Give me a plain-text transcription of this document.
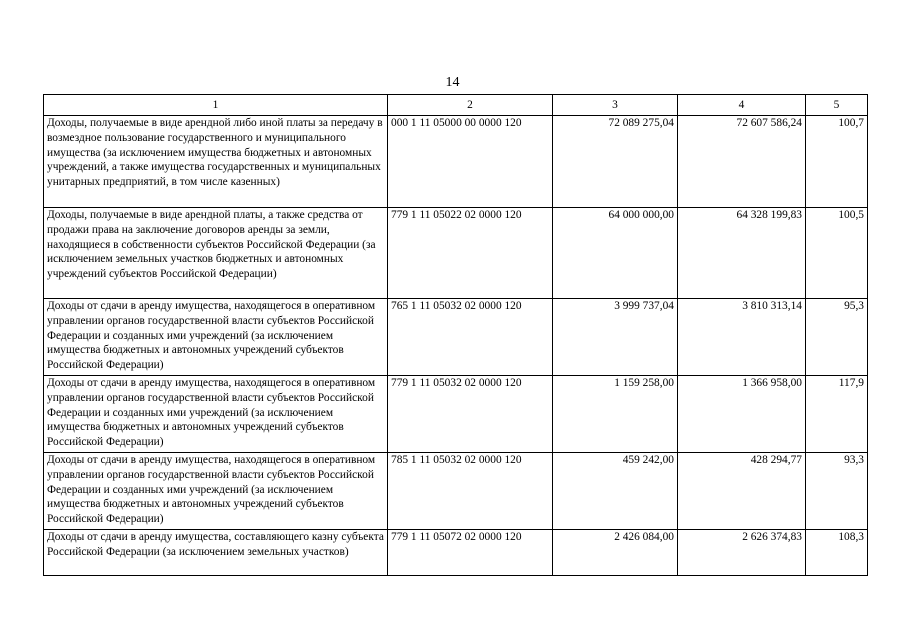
14
1	2	3	4	5
Доходы, получаемые в виде арендной либо иной платы за передачу в возмездное пользование государственного и муниципального имущества (за исключением имущества бюджетных и автономных учреждений, а также имущества государственных и муниципальных унитарных предприятий, в том числе казенных)	000 1 11 05000 00 0000 120	72 089 275,04	72 607 586,24	100,7
Доходы, получаемые в виде арендной платы, а также средства от продажи права на заключение договоров аренды за земли, находящиеся в собственности субъектов Российской Федерации (за исключением земельных участков бюджетных и автономных учреждений субъектов Российской Федерации)	779 1 11 05022 02 0000 120	64 000 000,00	64 328 199,83	100,5
Доходы от сдачи в аренду имущества, находящегося в оперативном управлении органов государственной власти субъектов Российской Федерации и созданных ими учреждений (за исключением имущества бюджетных и автономных учреждений субъектов Российской Федерации)	765 1 11 05032 02 0000 120	3 999 737,04	3 810 313,14	95,3
Доходы от сдачи в аренду имущества, находящегося в оперативном управлении органов государственной власти субъектов Российской Федерации и созданных ими учреждений (за исключением имущества бюджетных и автономных учреждений субъектов Российской Федерации)	779 1 11 05032 02 0000 120	1 159 258,00	1 366 958,00	117,9
Доходы от сдачи в аренду имущества, находящегося в оперативном управлении органов государственной власти субъектов Российской Федерации и созданных ими учреждений (за исключением имущества бюджетных и автономных учреждений субъектов Российской Федерации)	785 1 11 05032 02 0000 120	459 242,00	428 294,77	93,3
Доходы от сдачи в аренду имущества, составляющего казну субъекта Российской Федерации (за исключением земельных участков)	779 1 11 05072 02 0000 120	2 426 084,00	2 626 374,83	108,3
